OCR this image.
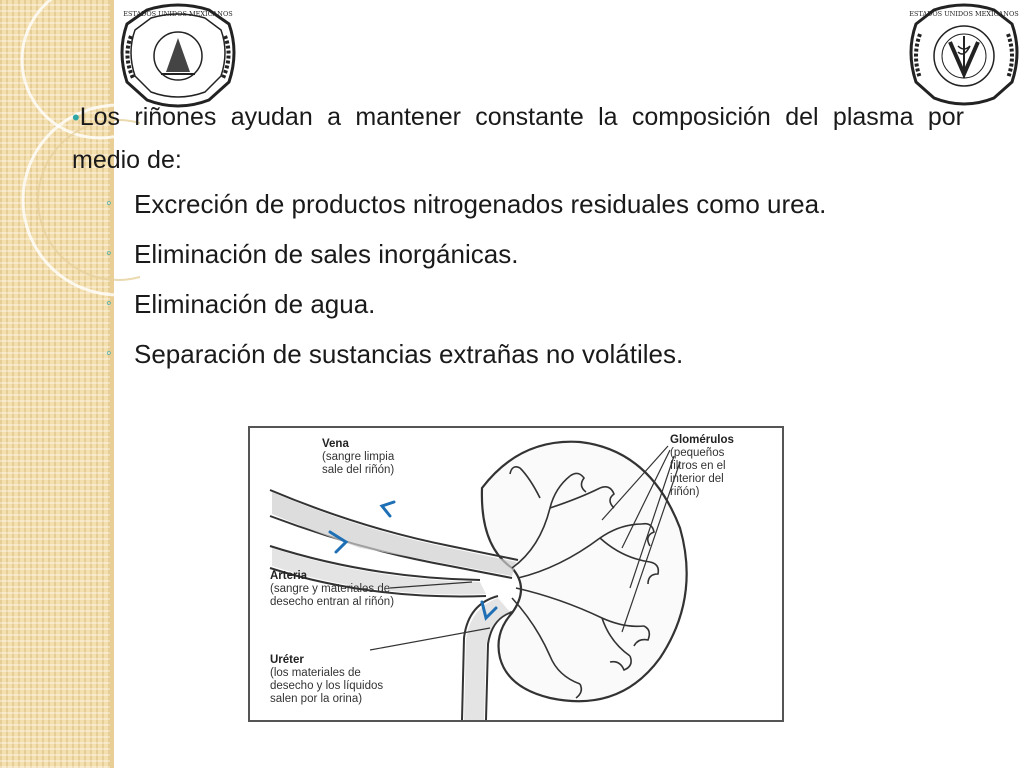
ESTADOS UNIDOS MEXICANOS	ESTADOS UNIDOS MEXICANOS
•Los riñones ayudan a mantener constante la composición del plasma por medio de:
◦ Excreción de productos nitrogenados residuales como urea.
◦ Eliminación de sales inorgánicas.
◦ Eliminación de agua.
◦ Separación de sustancias extrañas no volátiles.
Vena
(sangre limpia
sale del riñón)
Arteria
(sangre y materiales de
desecho entran al riñón)
Uréter
(los materiales de
desecho y los líquidos
salen por la orina)
Glomérulos
(pequeños
filtros en el
interior del
riñón)
